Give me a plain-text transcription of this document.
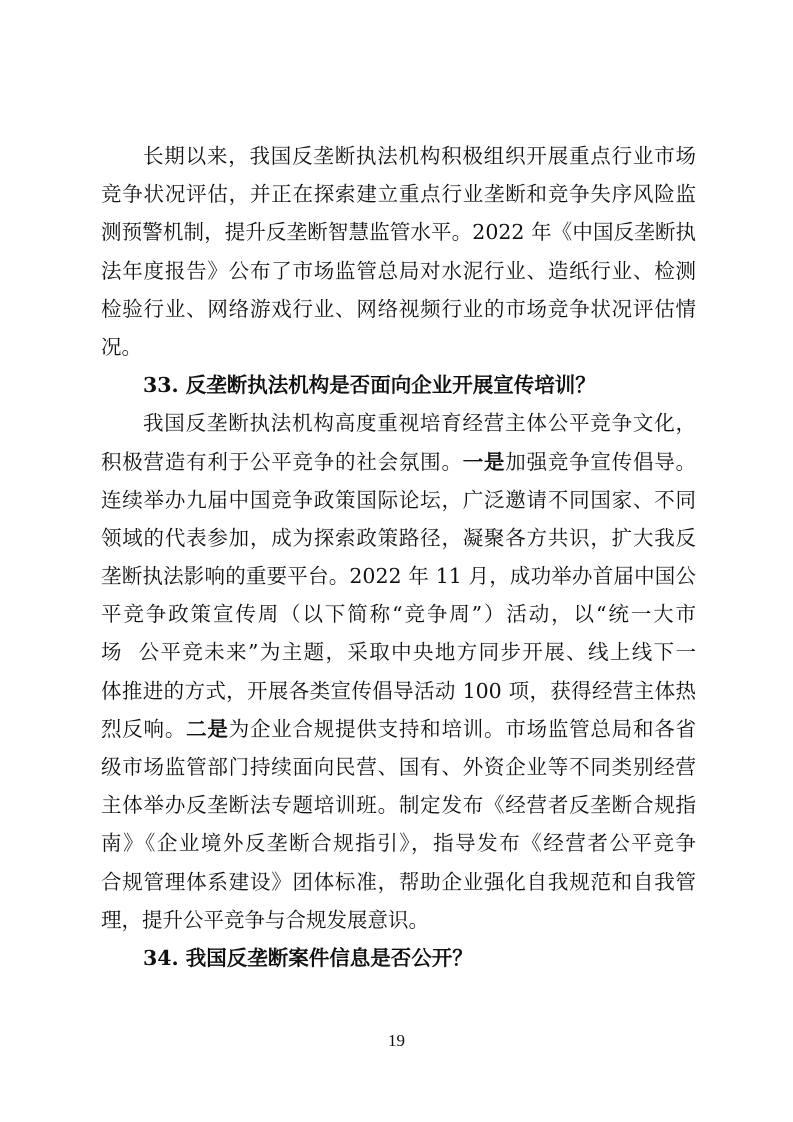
长期以来，我国反垄断执法机构积极组织开展重点行业市场
竞争状况评估，并正在探索建立重点行业垄断和竞争失序风险监
测预警机制，提升反垄断智慧监管水平。2022 年《中国反垄断执
法年度报告》公布了市场监管总局对水泥行业、造纸行业、检测
检验行业、网络游戏行业、网络视频行业的市场竞争状况评估情
况。
33. 反垄断执法机构是否面向企业开展宣传培训？
我国反垄断执法机构高度重视培育经营主体公平竞争文化，
积极营造有利于公平竞争的社会氛围。一是加强竞争宣传倡导。
连续举办九届中国竞争政策国际论坛，广泛邀请不同国家、不同
领域的代表参加，成为探索政策路径，凝聚各方共识，扩大我反
垄断执法影响的重要平台。2022 年 11 月，成功举办首届中国公
平竞争政策宣传周（以下简称“竞争周”）活动，以“统一大市
场  公平竞未来”为主题，采取中央地方同步开展、线上线下一
体推进的方式，开展各类宣传倡导活动 100 项，获得经营主体热
烈反响。二是为企业合规提供支持和培训。市场监管总局和各省
级市场监管部门持续面向民营、国有、外资企业等不同类别经营
主体举办反垄断法专题培训班。制定发布《经营者反垄断合规指
南》《企业境外反垄断合规指引》，指导发布《经营者公平竞争
合规管理体系建设》团体标准，帮助企业强化自我规范和自我管
理，提升公平竞争与合规发展意识。
34. 我国反垄断案件信息是否公开？
19
